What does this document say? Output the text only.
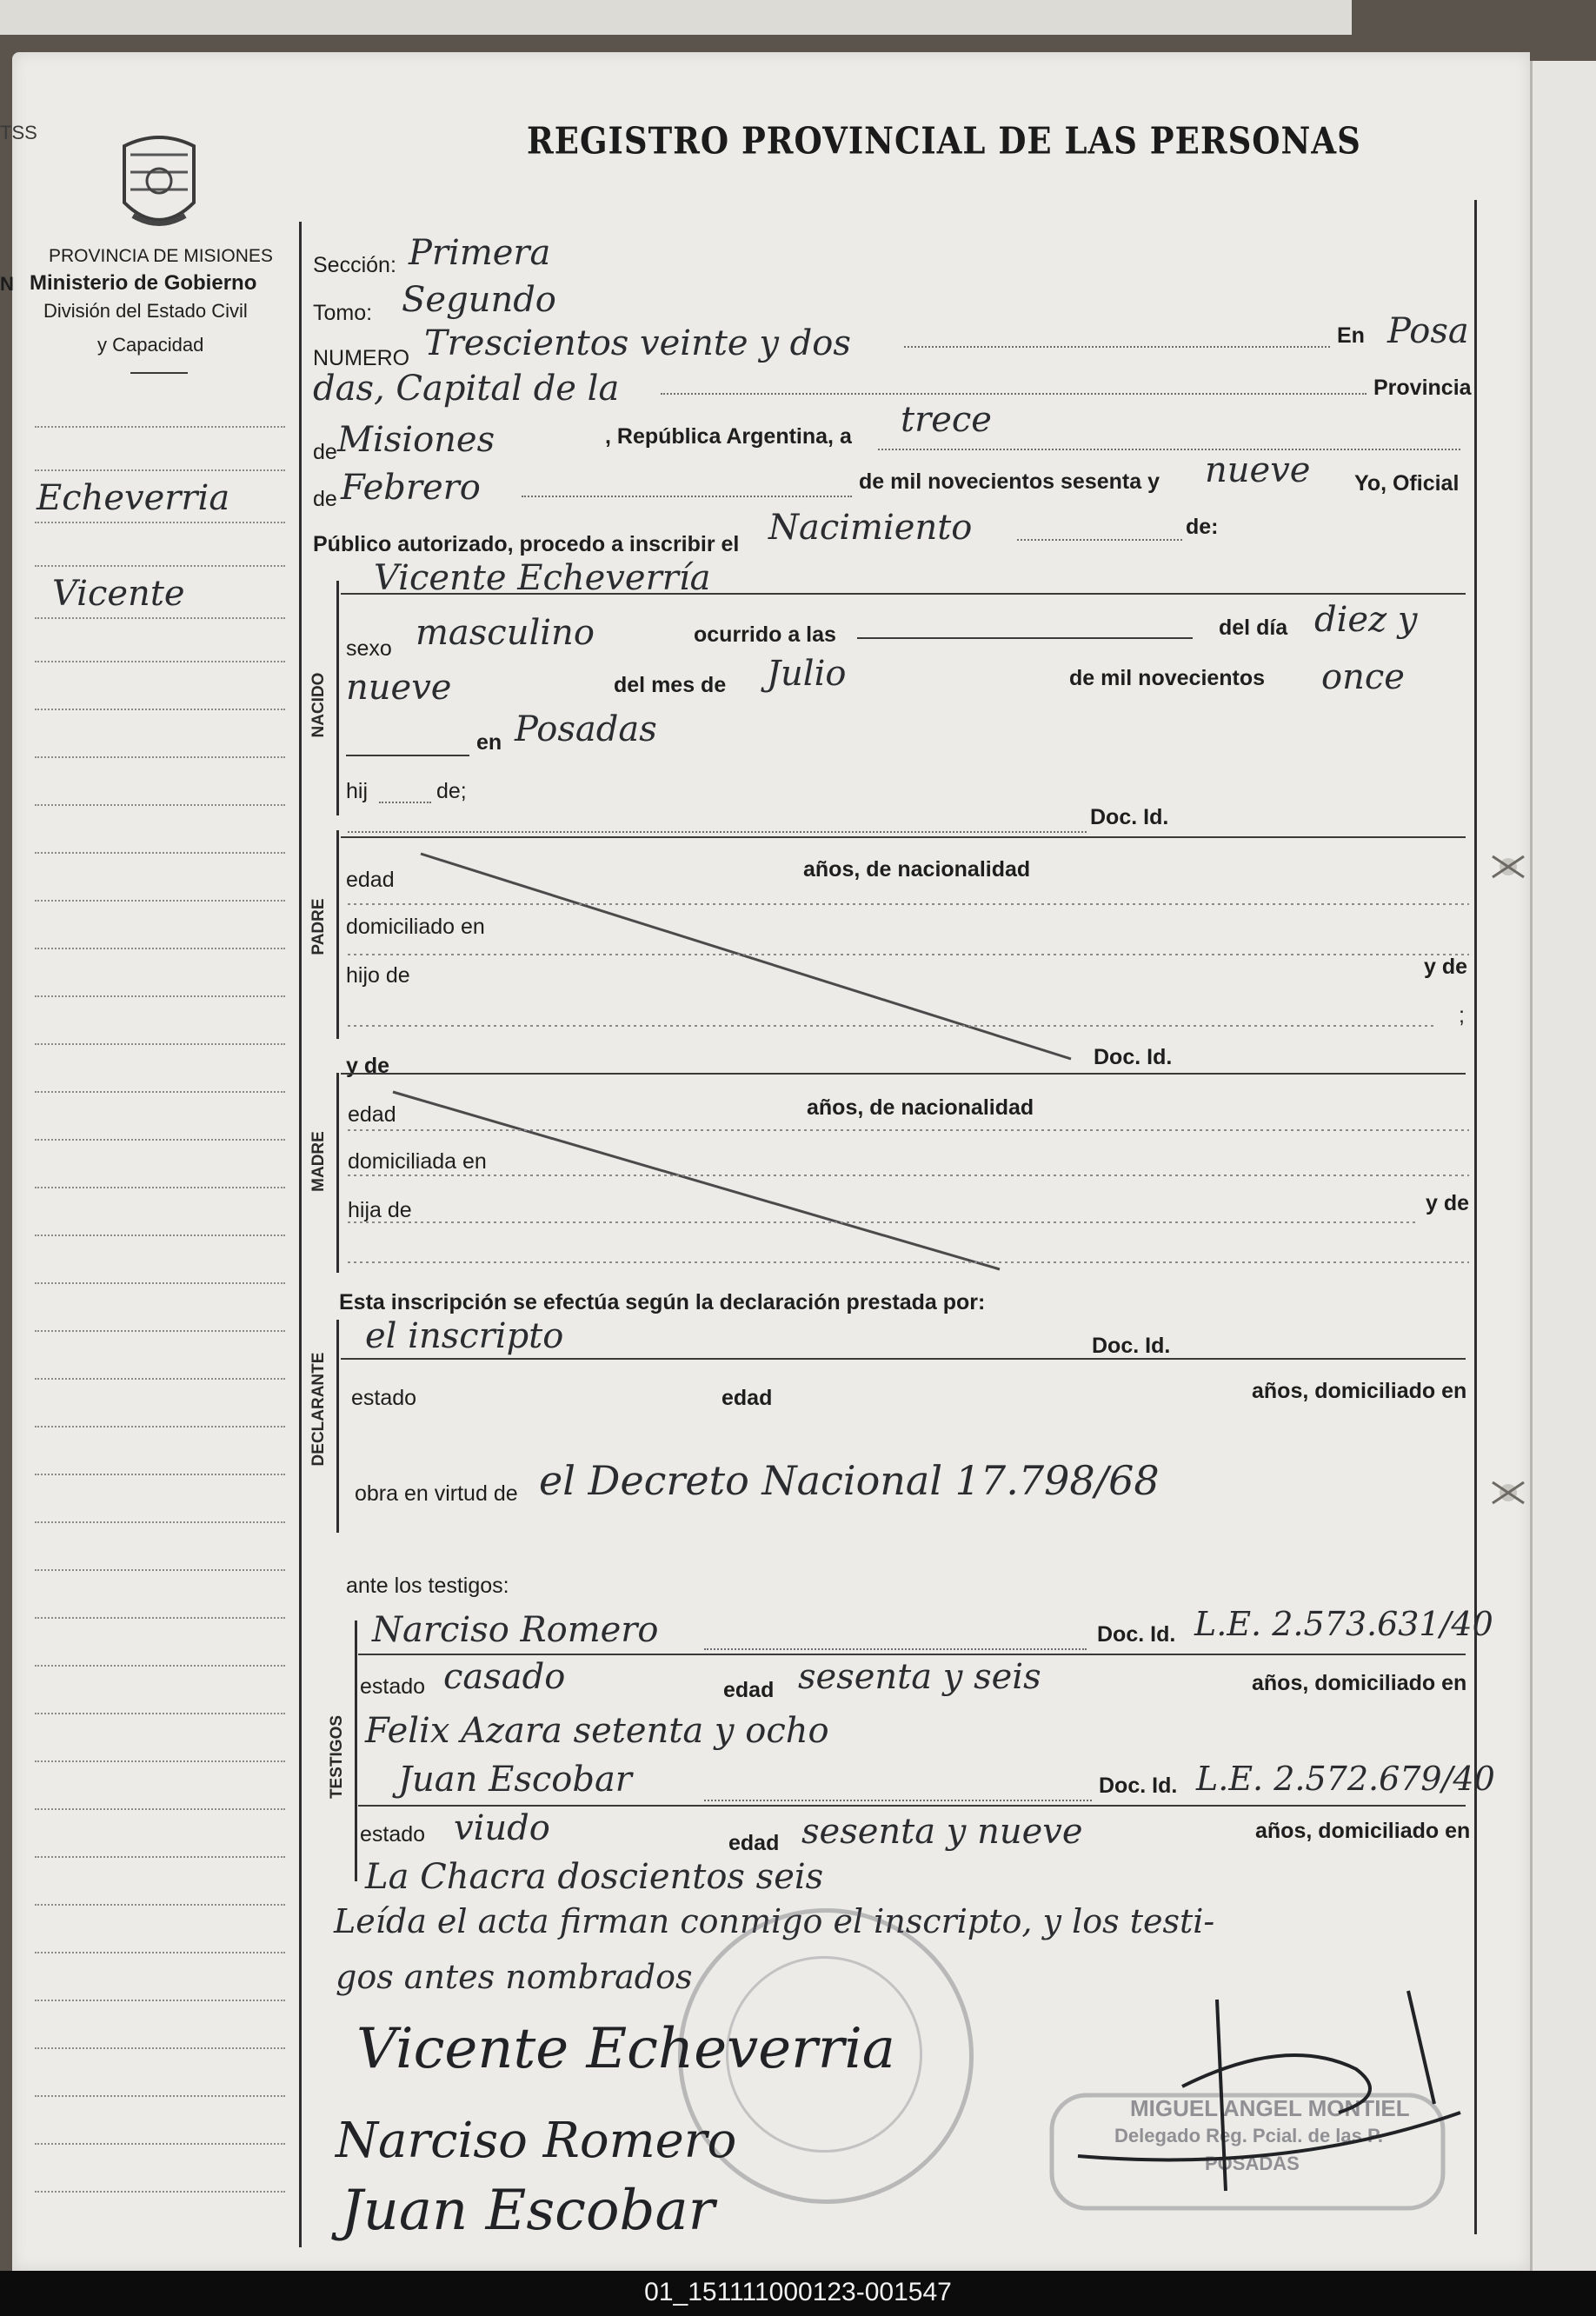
TSS
N
PROVINCIA DE MISIONES
Ministerio de Gobierno
División del Estado Civil
y Capacidad
REGISTRO PROVINCIAL DE LAS PERSONAS
Echeverria
Vicente
Sección: Primera
Tomo: Segundo
NUMERO Trescientos veinte y dos	En Posa
das, Capital de la	Provincia
de Misiones	, República Argentina, a trece
de Febrero	de mil novecientos sesenta y nueve Yo, Oficial
Público autorizado, procedo a inscribir el Nacimiento	de:
NACIDO
Vicente Echeverría
sexo masculino	ocurrido a las	del día diez y
nueve	del mes de Julio	de mil novecientos once
en Posadas
hij	de;
Doc. Id.
PADRE
edad	años, de nacionalidad
domiciliado en
hijo de	y de
;
y de	Doc. Id.
MADRE
edad	años, de nacionalidad
domiciliada en
hija de	y de
Esta inscripción se efectúa según la declaración prestada por:
DECLARANTE
el inscripto	Doc. Id.
estado	edad	años, domiciliado en
obra en virtud de el Decreto Nacional 17.798/68
ante los testigos:
TESTIGOS
Narciso Romero	Doc. Id. L.E. 2.573.631/40
estado casado	edad sesenta y seis	años, domiciliado en
Felix Azara setenta y ocho
Juan Escobar	Doc. Id. L.E. 2.572.679/40
estado viudo	edad sesenta y nueve	años, domiciliado en
La Chacra doscientos seis
Leída el acta firman conmigo el inscripto, y los testi-
gos antes nombrados
MIGUEL ANGEL MONTIEL
Delegado Reg. Pcial. de las P.
POSADAS
Vicente Echeverria
Narciso Romero
Juan Escobar
01_151111000123-001547
